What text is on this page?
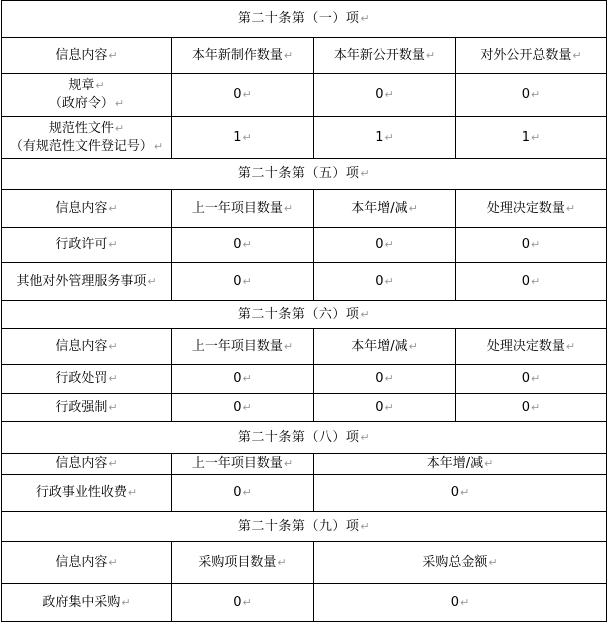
第二十条第（一）项↵			
信息内容↵	本年新制作数量↵	本年新公开数量↵	对外公开总数量↵
规章↵
（政府令）↵	0↵	0↵	0↵
规范性文件↵
（有规范性文件登记号）↵	1↵	1↵	1↵
第二十条第（五）项↵			
信息内容↵	上一年项目数量↵	本年增/减↵	处理决定数量↵
行政许可↵	0↵	0↵	0↵
其他对外管理服务事项↵	0↵	0↵	0↵
第二十条第（六）项↵			
信息内容↵	上一年项目数量↵	本年增/减↵	处理决定数量↵
行政处罚↵	0↵	0↵	0↵
行政强制↵	0↵	0↵	0↵
第二十条第（八）项↵			
信息内容↵	上一年项目数量↵	本年增/减↵	
行政事业性收费↵	0↵	0↵	
第二十条第（九）项↵			
信息内容↵	采购项目数量↵	采购总金额↵	
政府集中采购↵	0↵	0↵	
